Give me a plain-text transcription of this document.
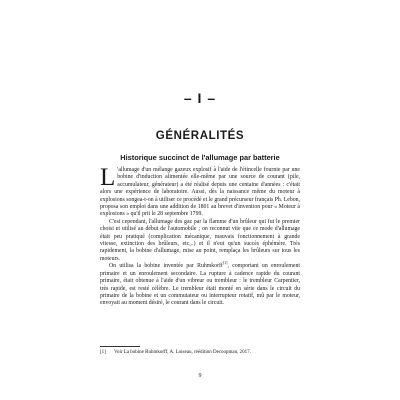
– I –
GÉNÉRALITÉS
Historique succinct de l'allumage par batterie

L 'allumage d'un mélange gazeux explosif à l'aide de l'étincelle fournie par une bobine d'induction alimentée elle-même par une source de courant (pile, accumulateur, générateur) a été réalisé depuis une centaine d'années : c'était alors une expérience de laboratoire. Aussi, dès la naissance même du moteur à explosions songea-t-on à utiliser ce procédé et le grand précurseur français Ph. Lebon, proposa son emploi dans une addition de 1801 au brevet d'invention pour « Moteur à explosions » qu'il prit le 28 septembre 1799.

C'est cependant, l'allumage des gaz par la flamme d'un brûleur qui fut le premier choisi et utilisé au début de l'automobile ; on reconnut vite que ce mode d'allumage était peu pratiqué (complication mécanique, mauvais fonctionnement à grande vitesse, extinction des brûleurs, etc,..) et il n'eut qu'un succès éphémère. Très rapidement, la bobine d'allumage, mise au point, remplaça les brûleurs sur tous les moteurs.

On utilisa la bobine inventée par Ruhmkorff[1], comportant un enroulement primaire et un enroulement secondaire. La rupture à cadence rapide du courant primaire, était obtenue à l'aide d'un vibreur ou trembleur : le trembleur Carpentier, très rapide, est resté célèbre. Le trembleur était monté en série dans le circuit du primaire de la bobine et un commutateur ou interrupteur rotatif, mû par le moteur, envoyait au moment désiré, le courant dans le circuit.

[1] Voir La bobine Ruhmkorff, A. Loiseau, réédition Decoopman, 2017.
9
